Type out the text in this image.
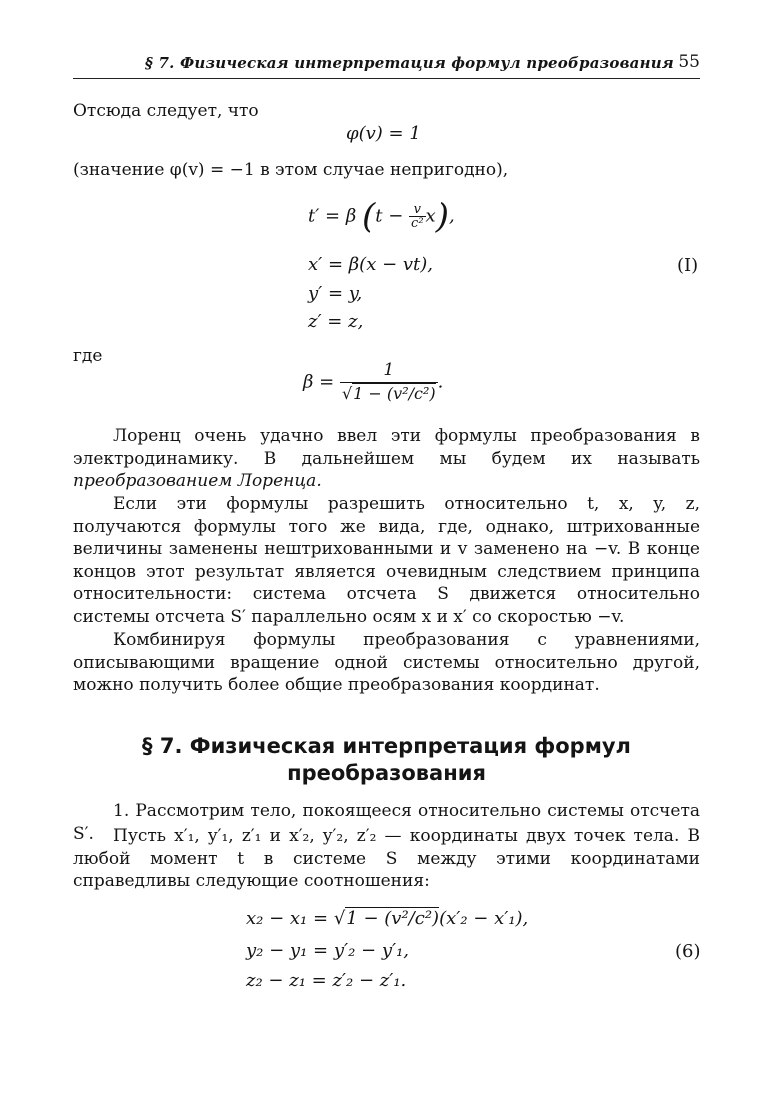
§ 7. Физическая интерпретация формул преобразования 55
Отсюда следует, что
φ(v) = 1
(значение φ(v) = −1 в этом случае непригодно),
t′ = β $(t - \frac{v}{\text{c²}} x)$,
x′ = β(x − vt),
y′ = y,
z′ = z,
(I)
где
$\beta = \frac{1}{\text{√1 − (v²/c²)}}$ .
Лоренц очень удачно ввел эти формулы преобразования в электродинамику. В дальнейшем мы будем их называть преобразованием Лоренца.
Если эти формулы разрешить относительно t, x, y, z, получаются формулы того же вида, где, однако, штрихованные величины заменены нештрихованными и v заменено на −v. В конце концов этот результат является очевидным следствием принципа относительности: система отсчета S движется относительно системы отсчета S′ параллельно осям x и x′ со скоростью −v.
Комбинируя формулы преобразования с уравнениями, описывающими вращение одной системы относительно другой, можно получить более общие преобразования координат.
§ 7. Физическая интерпретация формул
преобразования
1. Рассмотрим тело, покоящееся относительно системы отсчета S′.	Пусть x′₁, y′₁, z′₁ и x′₂, y′₂, z′₂ — координаты двух точек тела. В любой момент t в системе S между этими координатами справедливы следующие соотношения:
x₂ − x₁ = √1 − (v²/c²)(x′₂ − x′₁),
y₂ − y₁ = y′₂ − y′₁,
z₂ − z₁ = z′₂ − z′₁.
(6)
